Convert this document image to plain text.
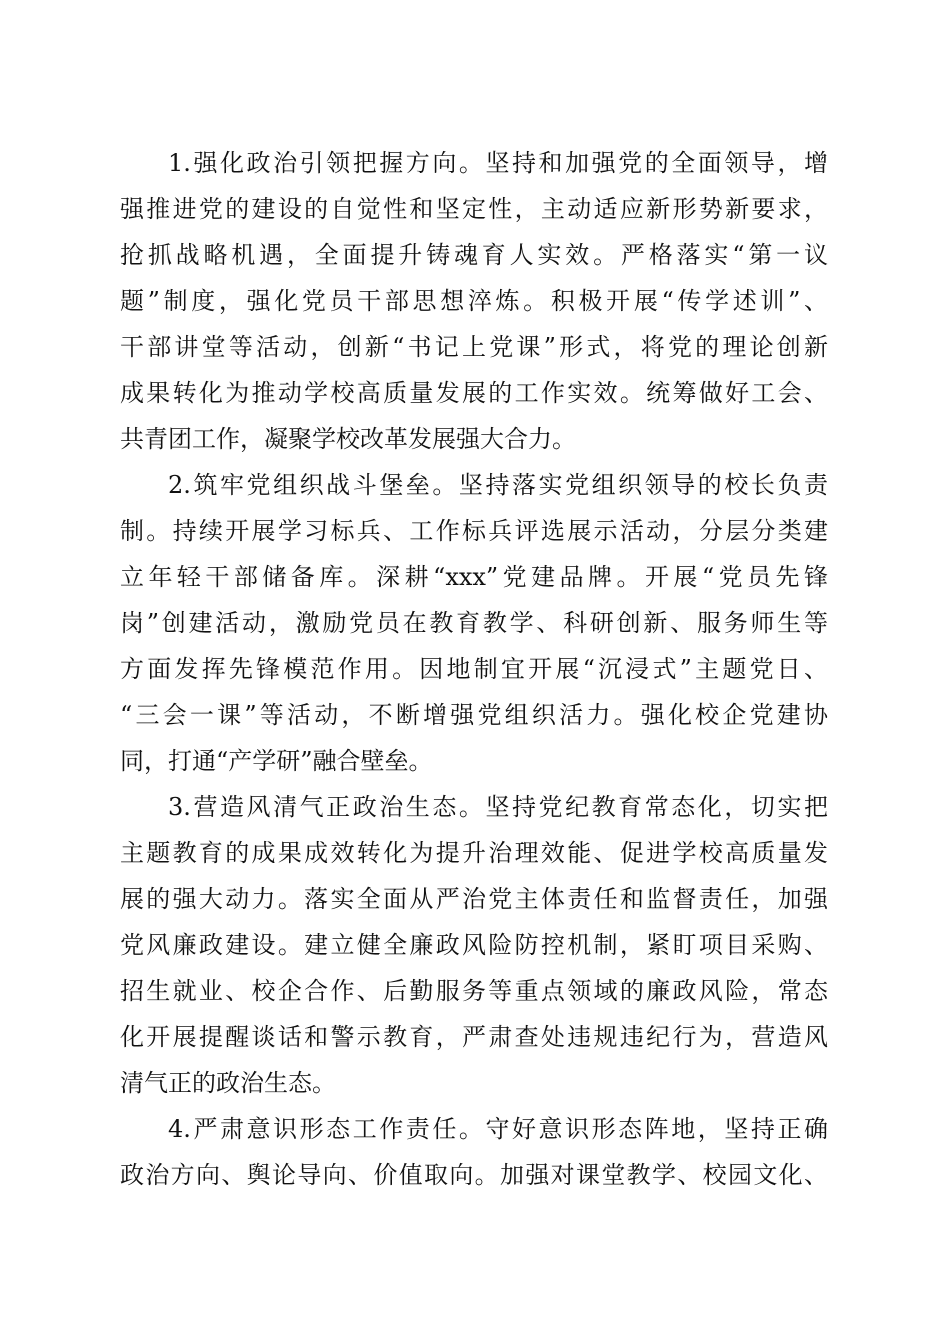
1.强化政治引领把握方向。坚持和加强党的全面领导，增
强推进党的建设的自觉性和坚定性，主动适应新形势新要求，
抢抓战略机遇，全面提升铸魂育人实效。严格落实“第一议
题”制度，强化党员干部思想淬炼。积极开展“传学述训”、
干部讲堂等活动，创新“书记上党课”形式，将党的理论创新
成果转化为推动学校高质量发展的工作实效。统筹做好工会、
共青团工作，凝聚学校改革发展强大合力。
2.筑牢党组织战斗堡垒。坚持落实党组织领导的校长负责
制。持续开展学习标兵、工作标兵评选展示活动，分层分类建
立年轻干部储备库。深耕“xxx”党建品牌。开展“党员先锋
岗”创建活动，激励党员在教育教学、科研创新、服务师生等
方面发挥先锋模范作用。因地制宜开展“沉浸式”主题党日、
“三会一课”等活动，不断增强党组织活力。强化校企党建协
同，打通“产学研”融合壁垒。
3.营造风清气正政治生态。坚持党纪教育常态化，切实把
主题教育的成果成效转化为提升治理效能、促进学校高质量发
展的强大动力。落实全面从严治党主体责任和监督责任，加强
党风廉政建设。建立健全廉政风险防控机制，紧盯项目采购、
招生就业、校企合作、后勤服务等重点领域的廉政风险，常态
化开展提醒谈话和警示教育，严肃查处违规违纪行为，营造风
清气正的政治生态。
4.严肃意识形态工作责任。守好意识形态阵地，坚持正确
政治方向、舆论导向、价值取向。加强对课堂教学、校园文化、
